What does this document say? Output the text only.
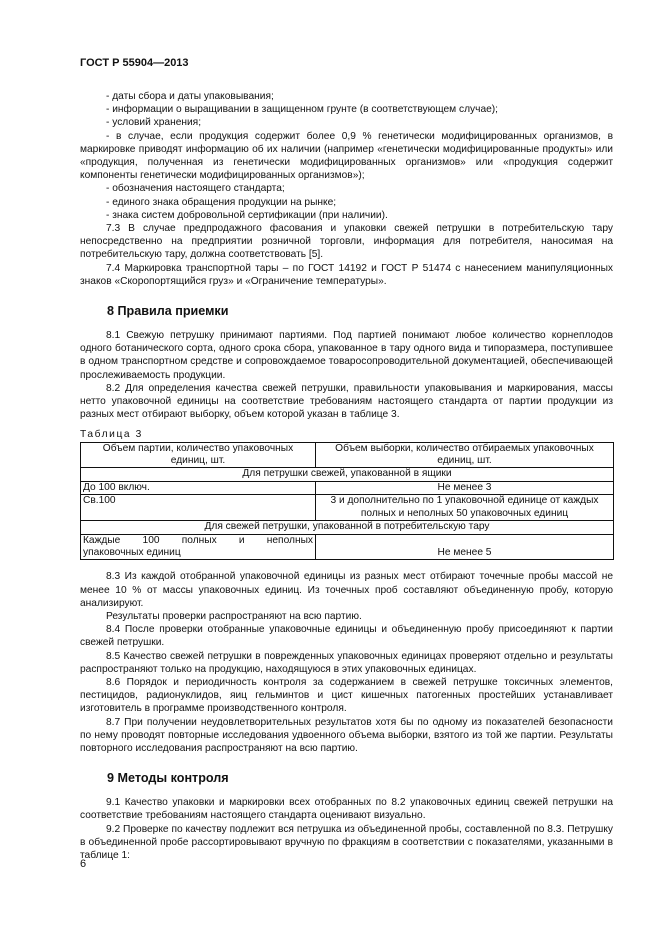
ГОСТ Р 55904—2013

- даты сбора и даты упаковывания;

- информации о выращивании в защищенном грунте (в соответствующем случае);

- условий хранения;

- в случае, если продукция содержит более 0,9 % генетически модифицированных организмов, в маркировке приводят информацию об их наличии (например «генетически модифицированные продукты» или «продукция, полученная из генетически модифицированных организмов» или «продукция содержит компоненты генетически модифицированных организмов»);

- обозначения настоящего стандарта;

- единого знака обращения продукции на рынке;

- знака систем добровольной сертификации (при наличии).

7.3 В случае предпродажного фасования и упаковки свежей петрушки в потребительскую тару непосредственно на предприятии розничной торговли, информация для потребителя, наносимая на потребительскую тару, должна соответствовать [5].

7.4 Маркировка транспортной тары – по ГОСТ 14192 и ГОСТ Р 51474 с нанесением манипуляционных знаков «Скоропортящийся груз» и «Ограничение температуры».

8 Правила приемки

8.1 Свежую петрушку принимают партиями. Под партией понимают любое количество корнеплодов одного ботанического сорта, одного срока сбора, упакованное в тару одного вида и типоразмера, поступившее в одном транспортном средстве и сопровождаемое товаросопроводительной документацией, обеспечивающей прослеживаемость продукции.

8.2 Для определения качества свежей петрушки, правильности упаковывания и маркирования, массы нетто упаковочной единицы на соответствие требованиям настоящего стандарта от партии продукции из разных мест отбирают выборку, объем которой указан в таблице 3.

Таблица 3

Объем партии, количество упаковочных единиц, шт.	Объем выборки, количество отбираемых упаковочных единиц, шт.
Для петрушки свежей, упакованной в ящики	
До 100 включ.	Не менее 3
Св.100	3 и дополнительно по 1 упаковочной единице от каждых полных и неполных 50 упаковочных единиц
Для свежей петрушки, упакованной в потребительскую тару	

Каждые 100 полных и неполных
упаковочных единиц	Не менее 5

8.3 Из каждой отобранной упаковочной единицы из разных мест отбирают точечные пробы массой не менее 10 % от массы упаковочных единиц. Из точечных проб составляют объединенную пробу, которую анализируют.

Результаты проверки распространяют на всю партию.

8.4 После проверки отобранные упаковочные единицы и объединенную пробу присоединяют к партии свежей петрушки.

8.5 Качество свежей петрушки в поврежденных упаковочных единицах проверяют отдельно и результаты распространяют только на продукцию, находящуюся в этих упаковочных единицах.

8.6 Порядок и периодичность контроля за содержанием в свежей петрушке токсичных элементов, пестицидов, радионуклидов, яиц гельминтов и цист кишечных патогенных простейших устанавливает изготовитель в программе производственного контроля.

8.7 При получении неудовлетворительных результатов хотя бы по одному из показателей безопасности по нему проводят повторные исследования удвоенного объема выборки, взятого из той же партии. Результаты повторного исследования распространяют на всю партию.

9 Методы контроля

9.1 Качество упаковки и маркировки всех отобранных по 8.2 упаковочных единиц свежей петрушки на соответствие требованиям настоящего стандарта оценивают визуально.

9.2 Проверке по качеству подлежит вся петрушка из объединенной пробы, составленной по 8.3. Петрушку в объединенной пробе рассортировывают вручную по фракциям в соответствии с показателями, указанными в таблице 1:

6
